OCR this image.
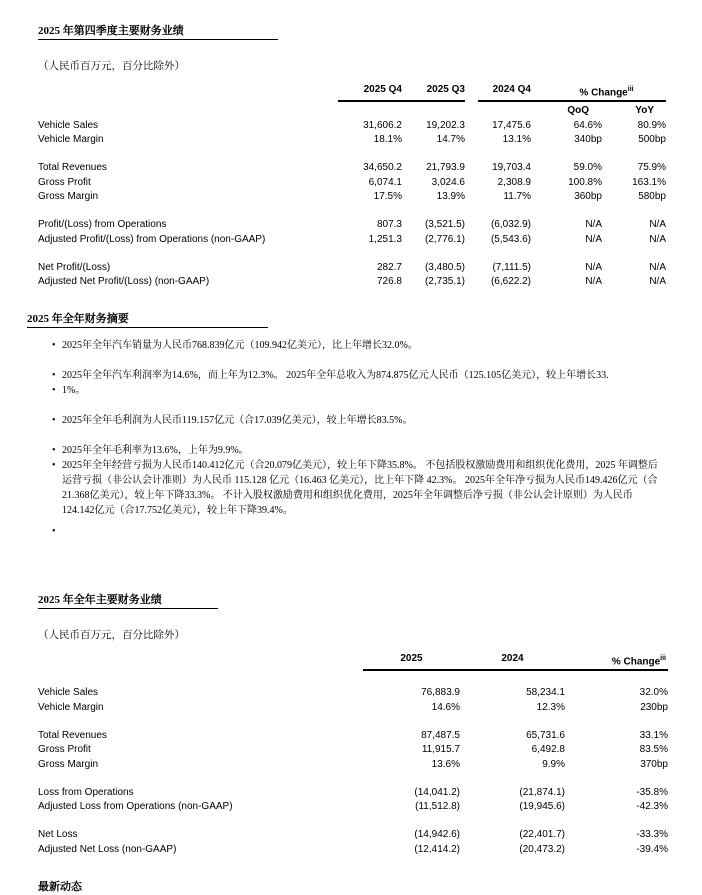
2025 年第四季度主要财务业绩
（人民币百万元，百分比除外）
2025 Q4	2025 Q3	2024 Q4	% Change$^{iii}$
QoQ	YoY
Vehicle Sales	31,606.2	19,202.3	17,475.6	64.6%	80.9%
Vehicle Margin	18.1%	14.7%	13.1%	340bp	500bp
Total Revenues	34,650.2	21,793.9	19,703.4	59.0%	75.9%
Gross Profit	6,074.1	3,024.6	2,308.9	100.8%	163.1%
Gross Margin	17.5%	13.9%	11.7%	360bp	580bp
Profit/(Loss) from Operations	807.3	(3,521.5)	(6,032.9)	N/A	N/A
Adjusted Profit/(Loss) from Operations (non-GAAP)	1,251.3	(2,776.1)	(5,543.6)	N/A	N/A
Net Profit/(Loss)	282.7	(3,480.5)	(7,111.5)	N/A	N/A
Adjusted Net Profit/(Loss) (non-GAAP)	726.8	(2,735.1)	(6,622.2)	N/A	N/A
2025 年全年财务摘要
• 2025年全年汽车销量为人民币768.839亿元（109.942亿美元），比上年增长32.0%。
• 2025年全年汽车利润率为14.6%，而上年为12.3%。 2025年全年总收入为874.875亿元人民币（125.105亿美元），较上年增长33.
• 1%。
• 2025年全年毛利润为人民币119.157亿元（合17.039亿美元），较上年增长83.5%。
• 2025年全年毛利率为13.6%，上年为9.9%。
• 2025年全年经营亏损为人民币140.412亿元（合20.079亿美元），较上年下降35.8%。 不包括股权激励费用和组织优化费用，2025 年调整后运营亏损（非公认会计准则）为人民币 115.128 亿元（16.463 亿美元），比上年下降 42.3%。 2025年全年净亏损为人民币149.426亿元（合21.368亿美元），较上年下降33.3%。 不计入股权激励费用和组织优化费用，2025年全年调整后净亏损（非公认会计原则）为人民币124.142亿元（合17.752亿美元），较上年下降39.4%。
•
2025 年全年主要财务业绩
（人民币百万元，百分比除外）
2025	2024	% Change$^{iii}$
Vehicle Sales	76,883.9	58,234.1	32.0%
Vehicle Margin	14.6%	12.3%	230bp
Total Revenues	87,487.5	65,731.6	33.1%
Gross Profit	11,915.7	6,492.8	83.5%
Gross Margin	13.6%	9.9%	370bp
Loss from Operations	(14,041.2)	(21,874.1)	-35.8%
Adjusted Loss from Operations (non-GAAP)	(11,512.8)	(19,945.6)	-42.3%
Net Loss	(14,942.6)	(22,401.7)	-33.3%
Adjusted Net Loss (non-GAAP)	(12,414.2)	(20,473.2)	-39.4%
最新动态
